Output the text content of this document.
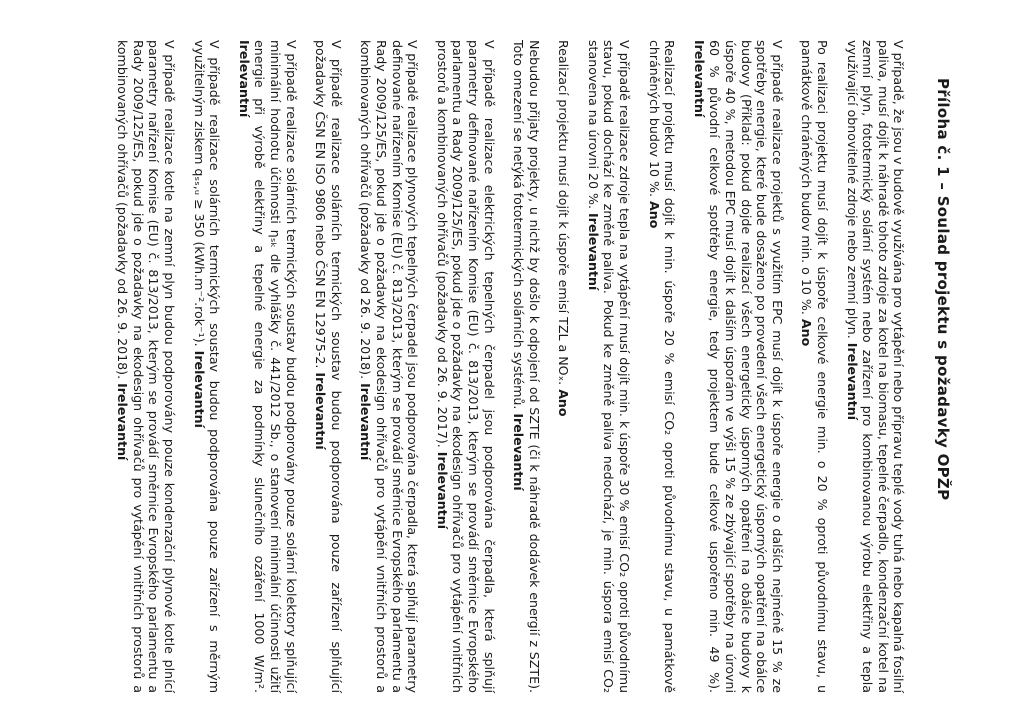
Příloha č. 1 – Soulad projektu s požadavky OPŽP
V případě, že jsou v budově využívána pro vytápění nebo přípravu teplé vody tuhá nebo kapalná fosilní paliva, musí dojít k náhradě tohoto zdroje za kotel na biomasu, tepelné čerpadlo, kondenzační kotel na zemní plyn, fototermický solární systém nebo zařízení pro kombinovanou výrobu elektřiny a tepla využívající obnovitelné zdroje nebo zemní plyn. Irelevantní
Po realizaci projektu musí dojít k úspoře celkové energie min. o 20 % oproti původnímu stavu, u památkově chráněných budov min. o 10 %. Ano
V případě realizace projektů s využitím EPC musí dojít k úspoře energie o dalších nejméně 15 % ze spotřeby energie, které bude dosaženo po provedení všech energetický úsporných opatření na obálce budovy (Příklad: pokud dojde realizací všech energeticky úsporných opatření na obálce budovy k úspoře 40 %, metodou EPC musí dojít k dalším úsporám ve výši 15 % ze zbývající spotřeby na úrovni 60 % původní celkové spotřeby energie, tedy projektem bude celkové uspořeno min. 49 %). Irelevantní
Realizací projektu musí dojít k min. úspoře 20 % emisí CO₂ oproti původnímu stavu, u památkově chráněných budov 10 %. Ano
V případě realizace zdroje tepla na vytápění musí dojít min. k úspoře 30 % emisí CO₂ oproti původnímu stavu, pokud dochází ke změně paliva. Pokud ke změně paliva nedochází, je min. úspora emisí CO₂ stanovena na úrovni 20 %. Irelevantní
Realizací projektu musí dojít k úspoře emisí TZL a NOₓ. Ano
Nebudou přijaty projekty, u nichž by došlo k odpojení od SZTE (či k náhradě dodávek energií z SZTE). Toto omezení se netýká fototermických solárních systémů. Irelevantní
V případě realizace elektrických tepelných čerpadel jsou podporována čerpadla, která splňují parametry definované nařízením Komise (EU) č. 813/2013, kterým se provádí směrnice Evropského parlamentu a Rady 2009/125/ES, pokud jde o požadavky na ekodesign ohřívačů pro vytápění vnitřních prostorů a kombinovaných ohřívačů (požadavky od 26. 9. 2017). Irelevantní
V případě realizace plynových tepelných čerpadel jsou podporována čerpadla, která splňují parametry definované nařízením Komise (EU) č. 813/2013, kterým se provádí směrnice Evropského parlamentu a Rady 2009/125/ES, pokud jde o požadavky na ekodesign ohřívačů pro vytápění vnitřních prostorů a kombinovaných ohřívačů (požadavky od 26. 9. 2018). Irelevantní
V případě realizace solárních termických soustav budou podporována pouze zařízení splňující požadavky ČSN EN ISO 9806 nebo ČSN EN 12975-2. Irelevantní
V případě realizace solárních termických soustav budou podporovány pouze solární kolektory splňující minimální hodnotu účinnosti ηₛₖ dle vyhlášky č. 441/2012 Sb., o stanovení minimální účinnosti užití energie při výrobě elektřiny a tepelné energie za podmínky slunečního ozáření 1000 W/m². Irelevantní
V případě realizace solárních termických soustav budou podporována pouze zařízení s měrným využitelným ziskem qₛₛ,ᵤ ≥ 350 (kWh.m⁻².rok⁻¹). Irelevantní
V případě realizace kotle na zemní plyn budou podporovány pouze kondenzační plynové kotle plnící parametry nařízení Komise (EU) č. 813/2013, kterým se provádí směrnice Evropského parlamentu a Rady 2009/125/ES, pokud jde o požadavky na ekodesign ohřívačů pro vytápění vnitřních prostorů a kombinovaných ohřívačů (požadavky od 26. 9. 2018). Irelevantní
